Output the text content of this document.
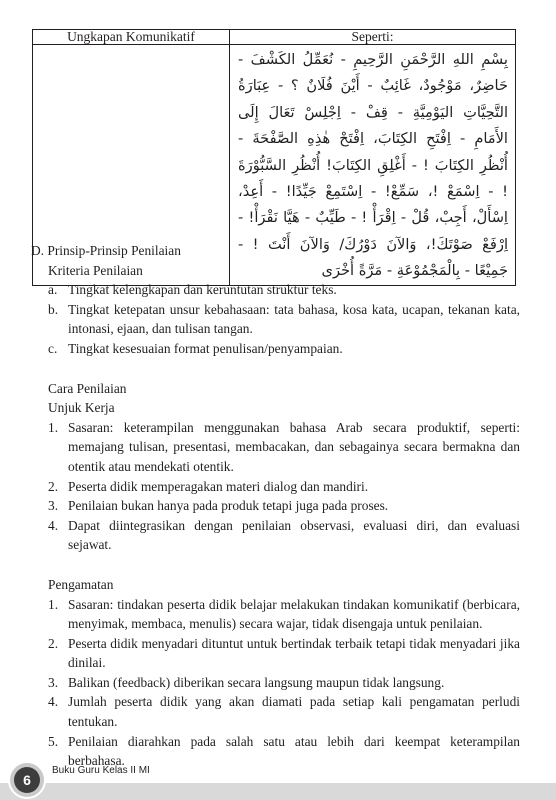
Ungkapan Komunikatif	Seperti:

	بِسْمِ اللهِ الرَّحْمَنِ الرَّحِيمِ - نُعَمِّلُ الكَشْفَ - حَاضِرٌ، مَوْجُودٌ، غَائِبٌ - أَيْنَ فُلَانٌ ؟ - عِبَارَةُ التَّحِيَّاتِ اليَوْمِيَّةِ - قِفْ - اِجْلِسْ تَعَالَ إِلَى الأَمَامِ - اِفْتَحِ الكِتَابَ، اِفْتَحْ هٰذِهِ الصَّفْحَةَ - أُنْظُرِ الكِتَابَ ! - أَغْلِقِ الكِتَابَ! أُنْظُرِ السَّبُّوْرَةَ ! - اِسْمَعْ !، سَمِّعْ! - اِسْتَمِعْ جَيِّدًا! - أَعِدْ، اِسْأَلْ، أَجِبْ، قُلْ - اِقْرَأْ ! - طَيِّبٌ - هَيَّا نَقْرَأْ! - اِرْفَعْ صَوْتَكَ!، وَالآنَ دَوْرُكَ/ وَالآنَ أَنْتَ ! - جَمِيْعًا - بِالْمَجْمُوْعَةِ - مَرَّةً أُخْرَى

D. Prinsip-Prinsip Penilaian

Kriteria Penilaian

a. Tingkat kelengkapan dan keruntutan struktur teks.
b. Tingkat ketepatan unsur kebahasaan: tata bahasa, kosa kata, ucapan, tekanan kata, intonasi, ejaan, dan tulisan tangan.
c. Tingkat kesesuaian format penulisan/penyampaian.

Cara Penilaian

Unjuk Kerja

1. Sasaran: keterampilan menggunakan bahasa Arab secara produktif, seperti: memajang tulisan, presentasi, membacakan, dan sebagainya secara bermakna dan otentik atau mendekati otentik.
2. Peserta didik memperagakan materi dialog dan mandiri.
3. Penilaian bukan hanya pada produk tetapi juga pada proses.
4. Dapat diintegrasikan dengan penilaian observasi, evaluasi diri, dan evaluasi sejawat.

Pengamatan

1. Sasaran: tindakan peserta didik belajar melakukan tindakan komunikatif (berbicara, menyimak, membaca, menulis) secara wajar, tidak disengaja untuk penilaian.
2. Peserta didik menyadari dituntut untuk bertindak terbaik tetapi tidak menyadari jika dinilai.
3. Balikan (feedback) diberikan secara langsung maupun tidak langsung.
4. Jumlah peserta didik yang akan diamati pada setiap kali pengamatan perludi tentukan.
5. Penilaian diarahkan pada salah satu atau lebih dari keempat keterampilan berbahasa.
6
Buku Guru Kelas II MI
